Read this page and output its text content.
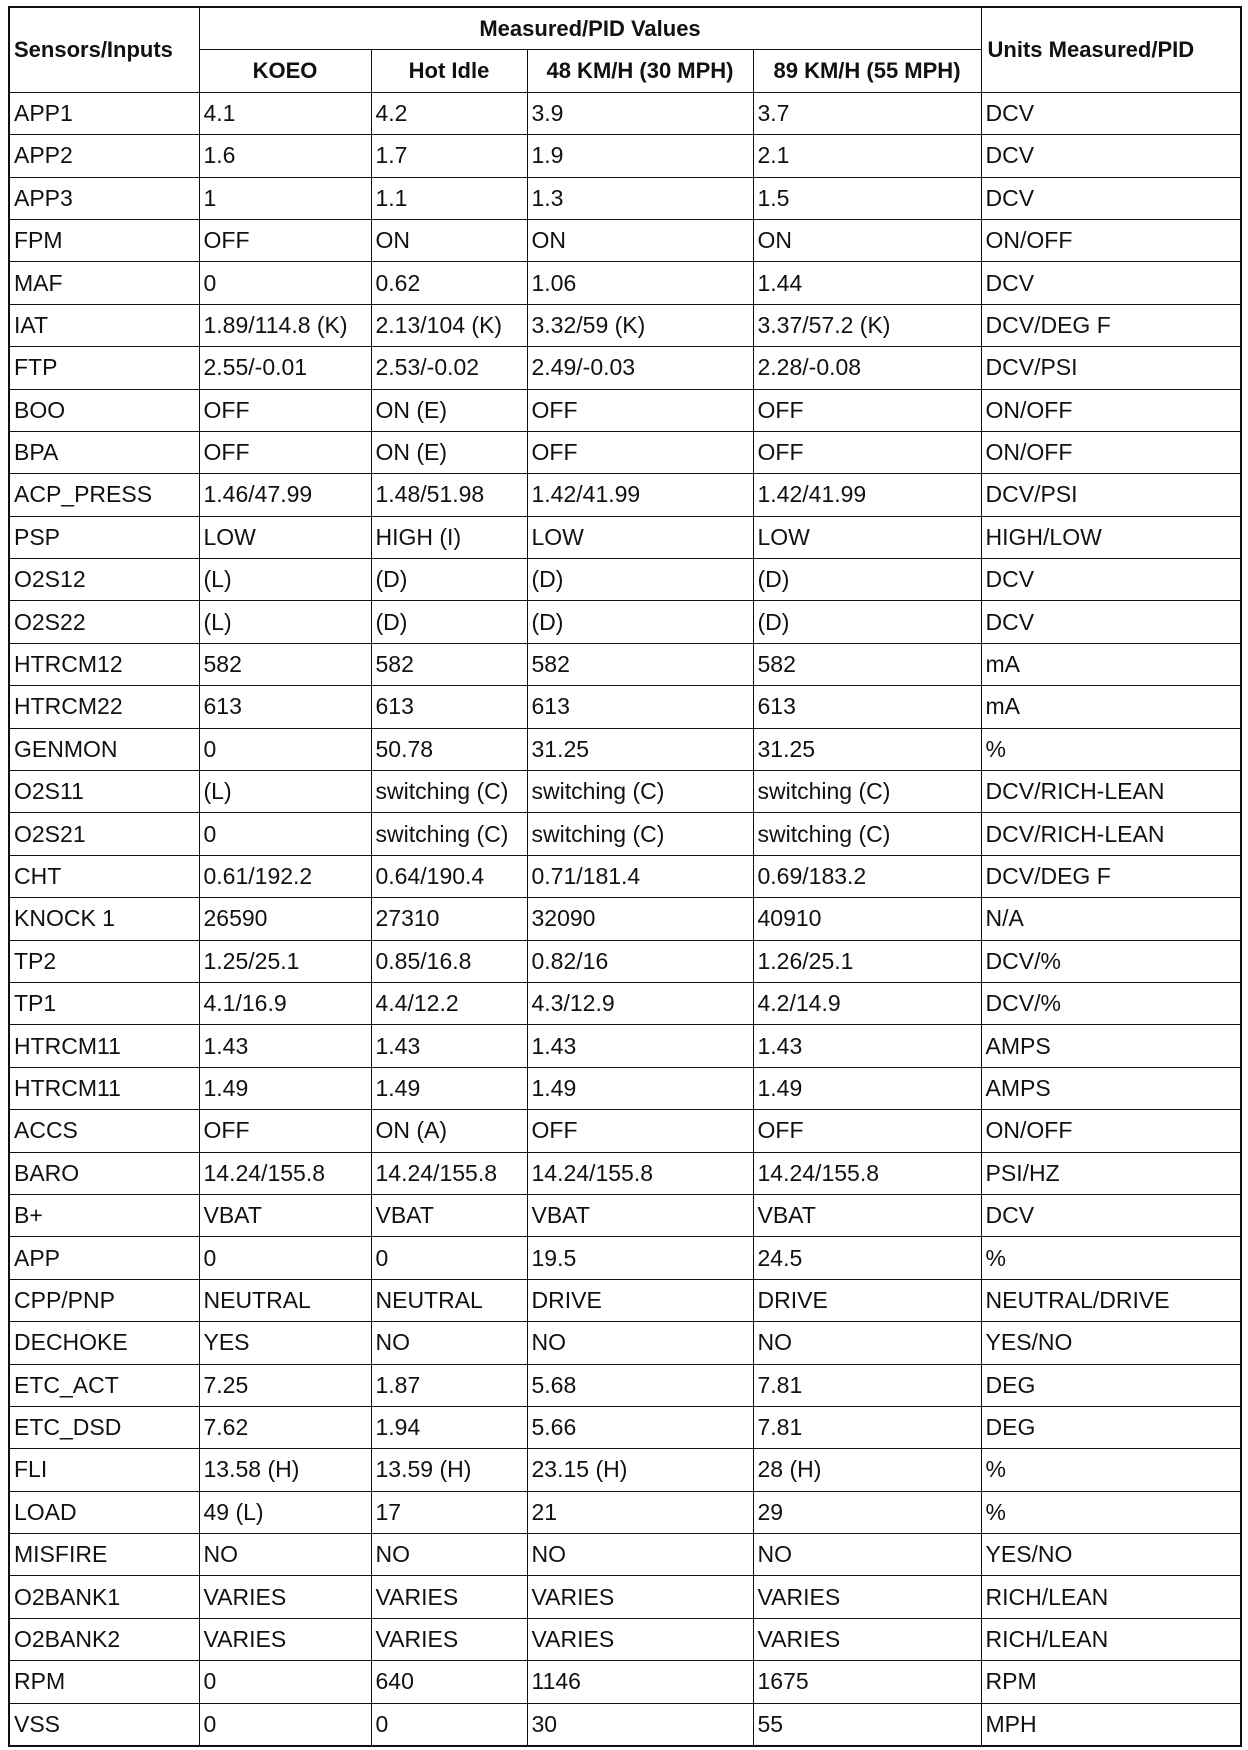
Sensors/Inputs	Measured/PID Values				Units Measured/PID
	KOEO	Hot Idle	48 KM/H (30 MPH)	89 KM/H (55 MPH)	
APP1	4.1	4.2	3.9	3.7	DCV
APP2	1.6	1.7	1.9	2.1	DCV
APP3	1	1.1	1.3	1.5	DCV
FPM	OFF	ON	ON	ON	ON/OFF
MAF	0	0.62	1.06	1.44	DCV
IAT	1.89/114.8 (K)	2.13/104 (K)	3.32/59 (K)	3.37/57.2 (K)	DCV/DEG F
FTP	2.55/-0.01	2.53/-0.02	2.49/-0.03	2.28/-0.08	DCV/PSI
BOO	OFF	ON (E)	OFF	OFF	ON/OFF
BPA	OFF	ON (E)	OFF	OFF	ON/OFF
ACP_PRESS	1.46/47.99	1.48/51.98	1.42/41.99	1.42/41.99	DCV/PSI
PSP	LOW	HIGH (I)	LOW	LOW	HIGH/LOW
O2S12	(L)	(D)	(D)	(D)	DCV
O2S22	(L)	(D)	(D)	(D)	DCV
HTRCM12	582	582	582	582	mA
HTRCM22	613	613	613	613	mA
GENMON	0	50.78	31.25	31.25	%
O2S11	(L)	switching (C)	switching (C)	switching (C)	DCV/RICH-LEAN
O2S21	0	switching (C)	switching (C)	switching (C)	DCV/RICH-LEAN
CHT	0.61/192.2	0.64/190.4	0.71/181.4	0.69/183.2	DCV/DEG F
KNOCK 1	26590	27310	32090	40910	N/A
TP2	1.25/25.1	0.85/16.8	0.82/16	1.26/25.1	DCV/%
TP1	4.1/16.9	4.4/12.2	4.3/12.9	4.2/14.9	DCV/%
HTRCM11	1.43	1.43	1.43	1.43	AMPS
HTRCM11	1.49	1.49	1.49	1.49	AMPS
ACCS	OFF	ON (A)	OFF	OFF	ON/OFF
BARO	14.24/155.8	14.24/155.8	14.24/155.8	14.24/155.8	PSI/HZ
B+	VBAT	VBAT	VBAT	VBAT	DCV
APP	0	0	19.5	24.5	%
CPP/PNP	NEUTRAL	NEUTRAL	DRIVE	DRIVE	NEUTRAL/DRIVE
DECHOKE	YES	NO	NO	NO	YES/NO
ETC_ACT	7.25	1.87	5.68	7.81	DEG
ETC_DSD	7.62	1.94	5.66	7.81	DEG
FLI	13.58 (H)	13.59 (H)	23.15 (H)	28 (H)	%
LOAD	49 (L)	17	21	29	%
MISFIRE	NO	NO	NO	NO	YES/NO
O2BANK1	VARIES	VARIES	VARIES	VARIES	RICH/LEAN
O2BANK2	VARIES	VARIES	VARIES	VARIES	RICH/LEAN
RPM	0	640	1146	1675	RPM
VSS	0	0	30	55	MPH
